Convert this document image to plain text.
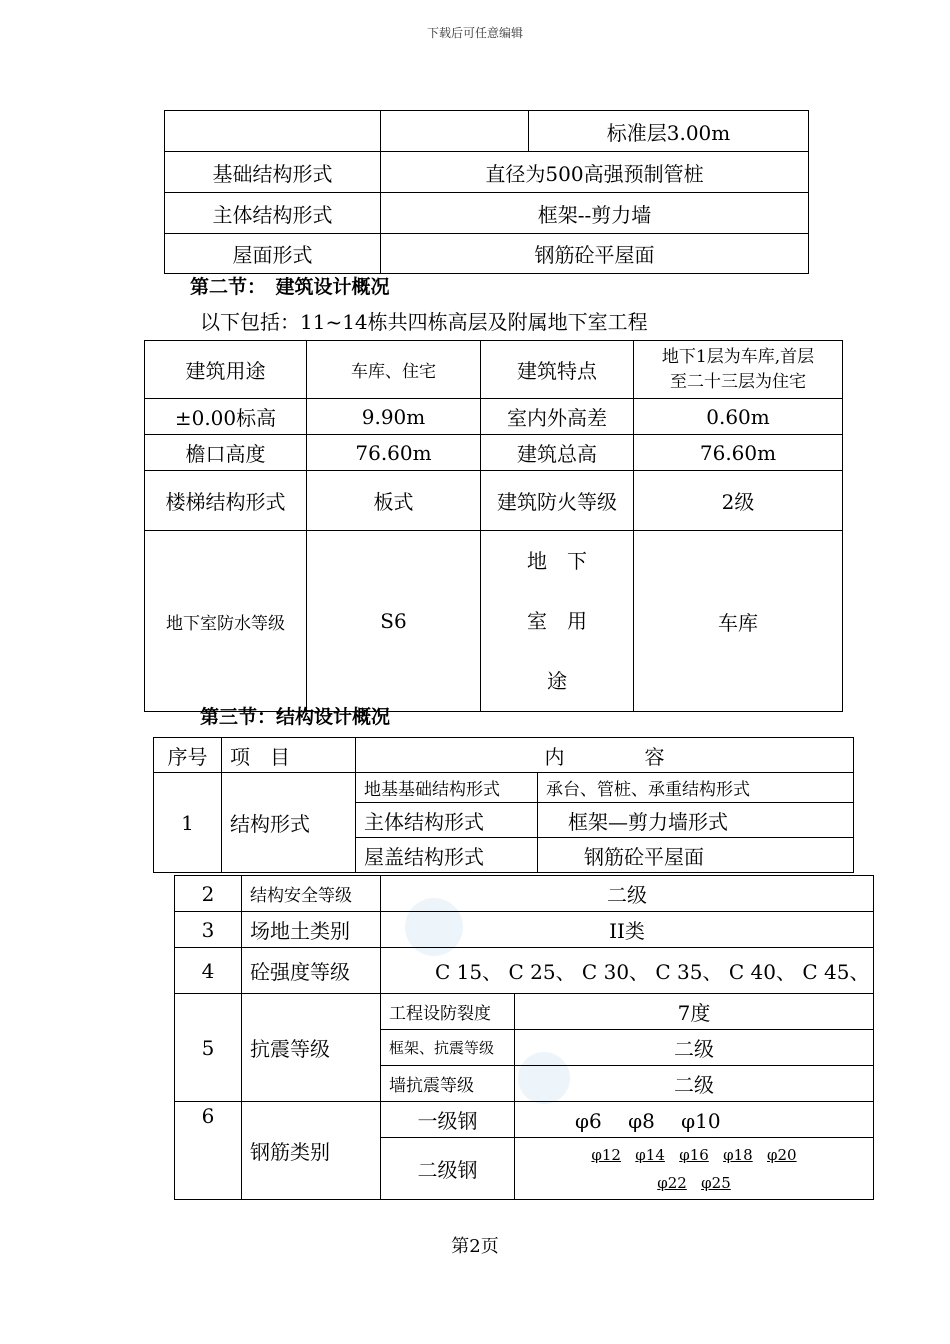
下载后可任意编辑
		标准层3.00m
基础结构形式	直径为500高强预制管桩	
主体结构形式	框架--剪力墙	
屋面形式	钢筋砼平屋面	
第二节：　建筑设计概况
以下包括：11~14栋共四栋高层及附属地下室工程
建筑用途	车库、住宅	建筑特点	地下1层为车库,首层
至二十三层为住宅

±0.00标高	9.90m	室内外高差	0.60m
檐口高度	76.60m	建筑总高	76.60m
楼梯结构形式	板式	建筑防火等级	2级
地下室防水等级	S6	地　下
室　用
途	车库
第三节：结构设计概况
序号	项　目	内　　　　容	
1	结构形式	地基基础结构形式	承台、管桩、承重结构形式
		主体结构形式	框架—剪力墙形式
		屋盖结构形式	钢筋砼平屋面
2	结构安全等级	二级	
3	场地土类别	II类	
4	砼强度等级	C 15、 C 25、 C 30、 C 35、 C 40、 C 45、	
5	抗震等级	工程设防裂度	7度
		框架、抗震等级	二级
		墙抗震等级	二级
6	钢筋类别	一级钢	φ6　 φ8　 φ10
		二级钢	φ12 φ14 φ16 φ18 φ20
φ22 φ25
第2页
